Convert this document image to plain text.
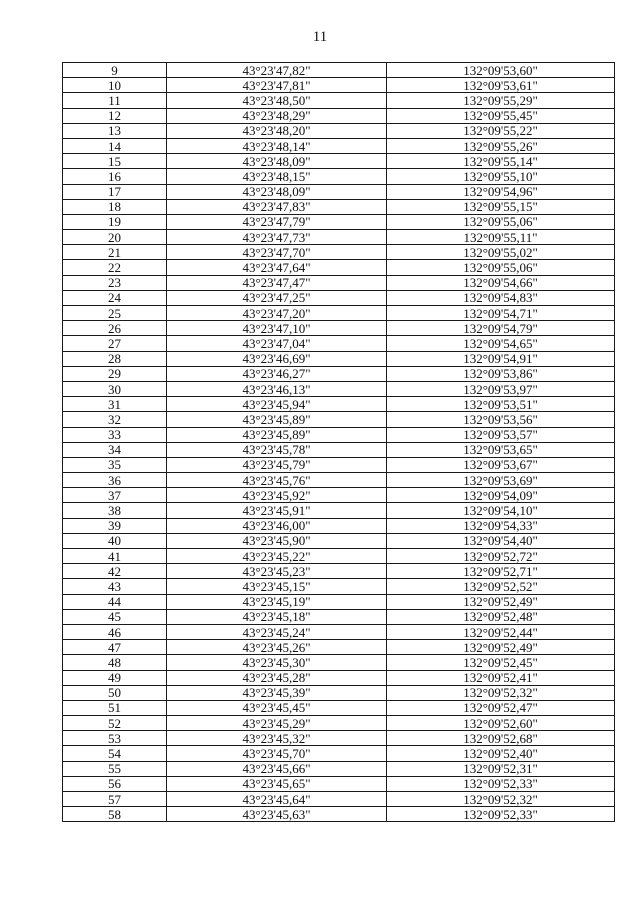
11
9	43°23'47,82"	132°09'53,60"
10	43°23'47,81"	132°09'53,61"
11	43°23'48,50"	132°09'55,29"
12	43°23'48,29"	132°09'55,45"
13	43°23'48,20"	132°09'55,22"
14	43°23'48,14"	132°09'55,26"
15	43°23'48,09"	132°09'55,14"
16	43°23'48,15"	132°09'55,10"
17	43°23'48,09"	132°09'54,96"
18	43°23'47,83"	132°09'55,15"
19	43°23'47,79"	132°09'55,06"
20	43°23'47,73"	132°09'55,11"
21	43°23'47,70"	132°09'55,02"
22	43°23'47,64"	132°09'55,06"
23	43°23'47,47"	132°09'54,66"
24	43°23'47,25"	132°09'54,83"
25	43°23'47,20"	132°09'54,71"
26	43°23'47,10"	132°09'54,79"
27	43°23'47,04"	132°09'54,65"
28	43°23'46,69"	132°09'54,91"
29	43°23'46,27"	132°09'53,86"
30	43°23'46,13"	132°09'53,97"
31	43°23'45,94"	132°09'53,51"
32	43°23'45,89"	132°09'53,56"
33	43°23'45,89"	132°09'53,57"
34	43°23'45,78"	132°09'53,65"
35	43°23'45,79"	132°09'53,67"
36	43°23'45,76"	132°09'53,69"
37	43°23'45,92"	132°09'54,09"
38	43°23'45,91"	132°09'54,10"
39	43°23'46,00"	132°09'54,33"
40	43°23'45,90"	132°09'54,40"
41	43°23'45,22"	132°09'52,72"
42	43°23'45,23"	132°09'52,71"
43	43°23'45,15"	132°09'52,52"
44	43°23'45,19"	132°09'52,49"
45	43°23'45,18"	132°09'52,48"
46	43°23'45,24"	132°09'52,44"
47	43°23'45,26"	132°09'52,49"
48	43°23'45,30"	132°09'52,45"
49	43°23'45,28"	132°09'52,41"
50	43°23'45,39"	132°09'52,32"
51	43°23'45,45"	132°09'52,47"
52	43°23'45,29"	132°09'52,60"
53	43°23'45,32"	132°09'52,68"
54	43°23'45,70"	132°09'52,40"
55	43°23'45,66"	132°09'52,31"
56	43°23'45,65"	132°09'52,33"
57	43°23'45,64"	132°09'52,32"
58	43°23'45,63"	132°09'52,33"
